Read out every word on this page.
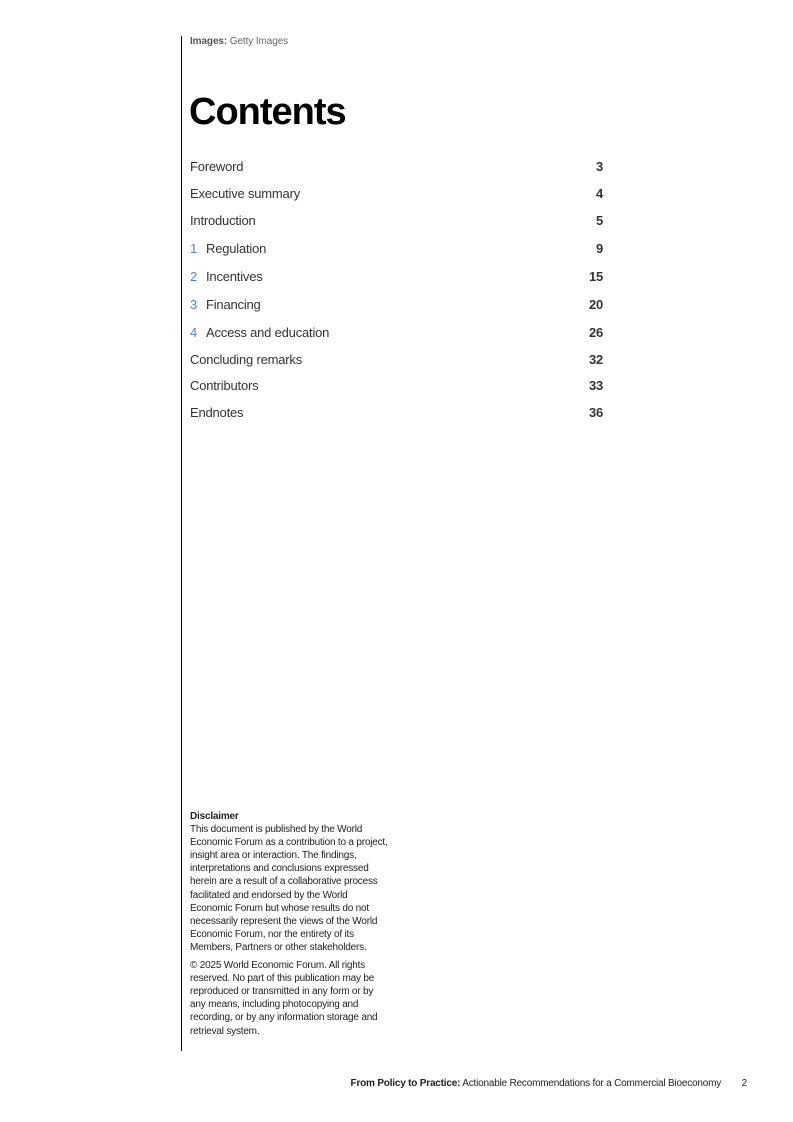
Images: Getty Images
Contents
Foreword	3
Executive summary	4
Introduction	5
1 Regulation	9
2 Incentives	15
3 Financing	20
4 Access and education	26
Concluding remarks	32
Contributors	33
Endnotes	36

Disclaimer

This document is published by the World Economic Forum as a contribution to a project, insight area or interaction. The findings, interpretations and conclusions expressed herein are a result of a collaborative process facilitated and endorsed by the World Economic Forum but whose results do not necessarily represent the views of the World Economic Forum, nor the entirety of its Members, Partners or other stakeholders.

© 2025 World Economic Forum. All rights reserved. No part of this publication may be reproduced or transmitted in any form or by any means, including photocopying and recording, or by any information storage and retrieval system.

From Policy to Practice: Actionable Recommendations for a Commercial Bioeconomy 2
